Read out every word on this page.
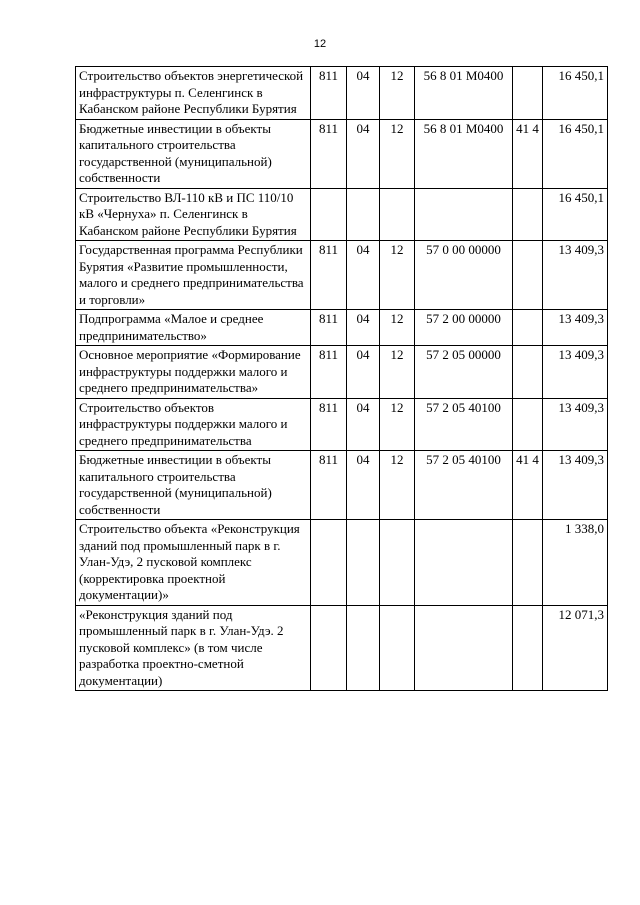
12
Строительство объектов энергетической инфраструктуры п. Селенгинск в Кабанском районе Республики Бурятия	811	04	12	56 8 01 М0400		16 450,1
Бюджетные инвестиции в объекты капитального строительства государственной (муниципальной) собственности	811	04	12	56 8 01 М0400	41 4	16 450,1
Строительство ВЛ-110 кВ и ПС 110/10 кВ «Чернуха» п. Селенгинск в Кабанском районе Республики Бурятия						16 450,1
Государственная программа Республики Бурятия «Развитие промышленности, малого и среднего предпринимательства и торговли»	811	04	12	57 0 00 00000		13 409,3
Подпрограмма «Малое и среднее предпринимательство»	811	04	12	57 2 00 00000		13 409,3
Основное мероприятие «Формирование инфраструктуры поддержки малого и среднего предпринимательства»	811	04	12	57 2 05 00000		13 409,3
Строительство объектов инфраструктуры поддержки малого и среднего предпринимательства	811	04	12	57 2 05 40100		13 409,3
Бюджетные инвестиции в объекты капитального строительства государственной (муниципальной) собственности	811	04	12	57 2 05 40100	41 4	13 409,3
Строительство объекта «Реконструкция зданий под промышленный парк в г. Улан-Удэ, 2 пусковой комплекс (корректировка проектной документации)»						1 338,0
«Реконструкция зданий под промышленный парк в г. Улан-Удэ. 2 пусковой комплекс» (в том числе разработка проектно-сметной документации)						12 071,3
